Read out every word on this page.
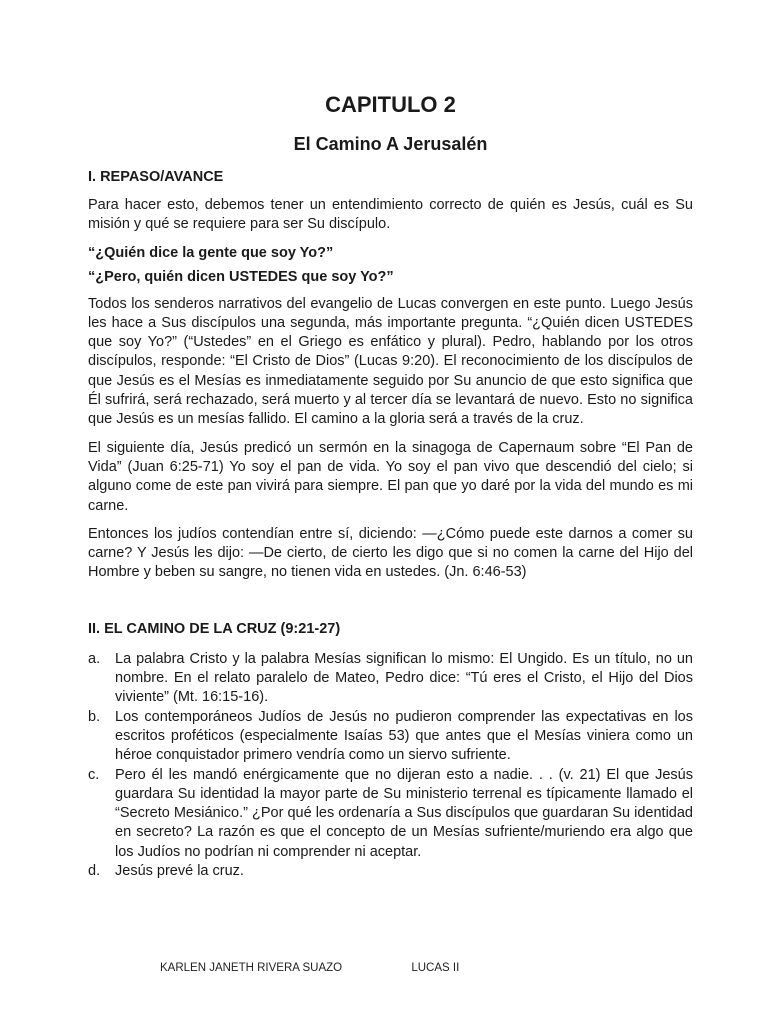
CAPITULO 2
El Camino A Jerusalén
I. REPASO/AVANCE

Para hacer esto, debemos tener un entendimiento correcto de quién es Jesús, cuál es Su misión y qué se requiere para ser Su discípulo.

“¿Quién dice la gente que soy Yo?”
“¿Pero, quién dicen USTEDES que soy Yo?”

Todos los senderos narrativos del evangelio de Lucas convergen en este punto. Luego Jesús les hace a Sus discípulos una segunda, más importante pregunta. “¿Quién dicen USTEDES que soy Yo?” (“Ustedes” en el Griego es enfático y plural). Pedro, hablando por los otros discípulos, responde: “El Cristo de Dios” (Lucas 9:20). El reconocimiento de los discípulos de que Jesús es el Mesías es inmediatamente seguido por Su anuncio de que esto significa que Él sufrirá, será rechazado, será muerto y al tercer día se levantará de nuevo. Esto no significa que Jesús es un mesías fallido. El camino a la gloria será a través de la cruz.

El siguiente día, Jesús predicó un sermón en la sinagoga de Capernaum sobre “El Pan de Vida” (Juan 6:25-71) Yo soy el pan de vida. Yo soy el pan vivo que descendió del cielo; si alguno come de este pan vivirá para siempre. El pan que yo daré por la vida del mundo es mi carne.

Entonces los judíos contendían entre sí, diciendo: —¿Cómo puede este darnos a comer su carne? Y Jesús les dijo: —De cierto, de cierto les digo que si no comen la carne del Hijo del Hombre y beben su sangre, no tienen vida en ustedes. (Jn. 6:46-53)

II. EL CAMINO DE LA CRUZ (9:21-27)
a.	La palabra Cristo y la palabra Mesías significan lo mismo: El Ungido. Es un título, no un nombre. En el relato paralelo de Mateo, Pedro dice: “Tú eres el Cristo, el Hijo del Dios viviente” (Mt. 16:15-16).
b.	Los contemporáneos Judíos de Jesús no pudieron comprender las expectativas en los escritos proféticos (especialmente Isaías 53) que antes que el Mesías viniera como un héroe conquistador primero vendría como un siervo sufriente.
c.	Pero él les mandó enérgicamente que no dijeran esto a nadie. . . (v. 21) El que Jesús guardara Su identidad la mayor parte de Su ministerio terrenal es típicamente llamado el “Secreto Mesiánico.” ¿Por qué les ordenaría a Sus discípulos que guardaran Su identidad en secreto? La razón es que el concepto de un Mesías sufriente/muriendo era algo que los Judíos no podrían ni comprender ni aceptar.
d.	Jesús prevé la cruz.
KARLEN JANETH RIVERA SUAZO	LUCAS II
